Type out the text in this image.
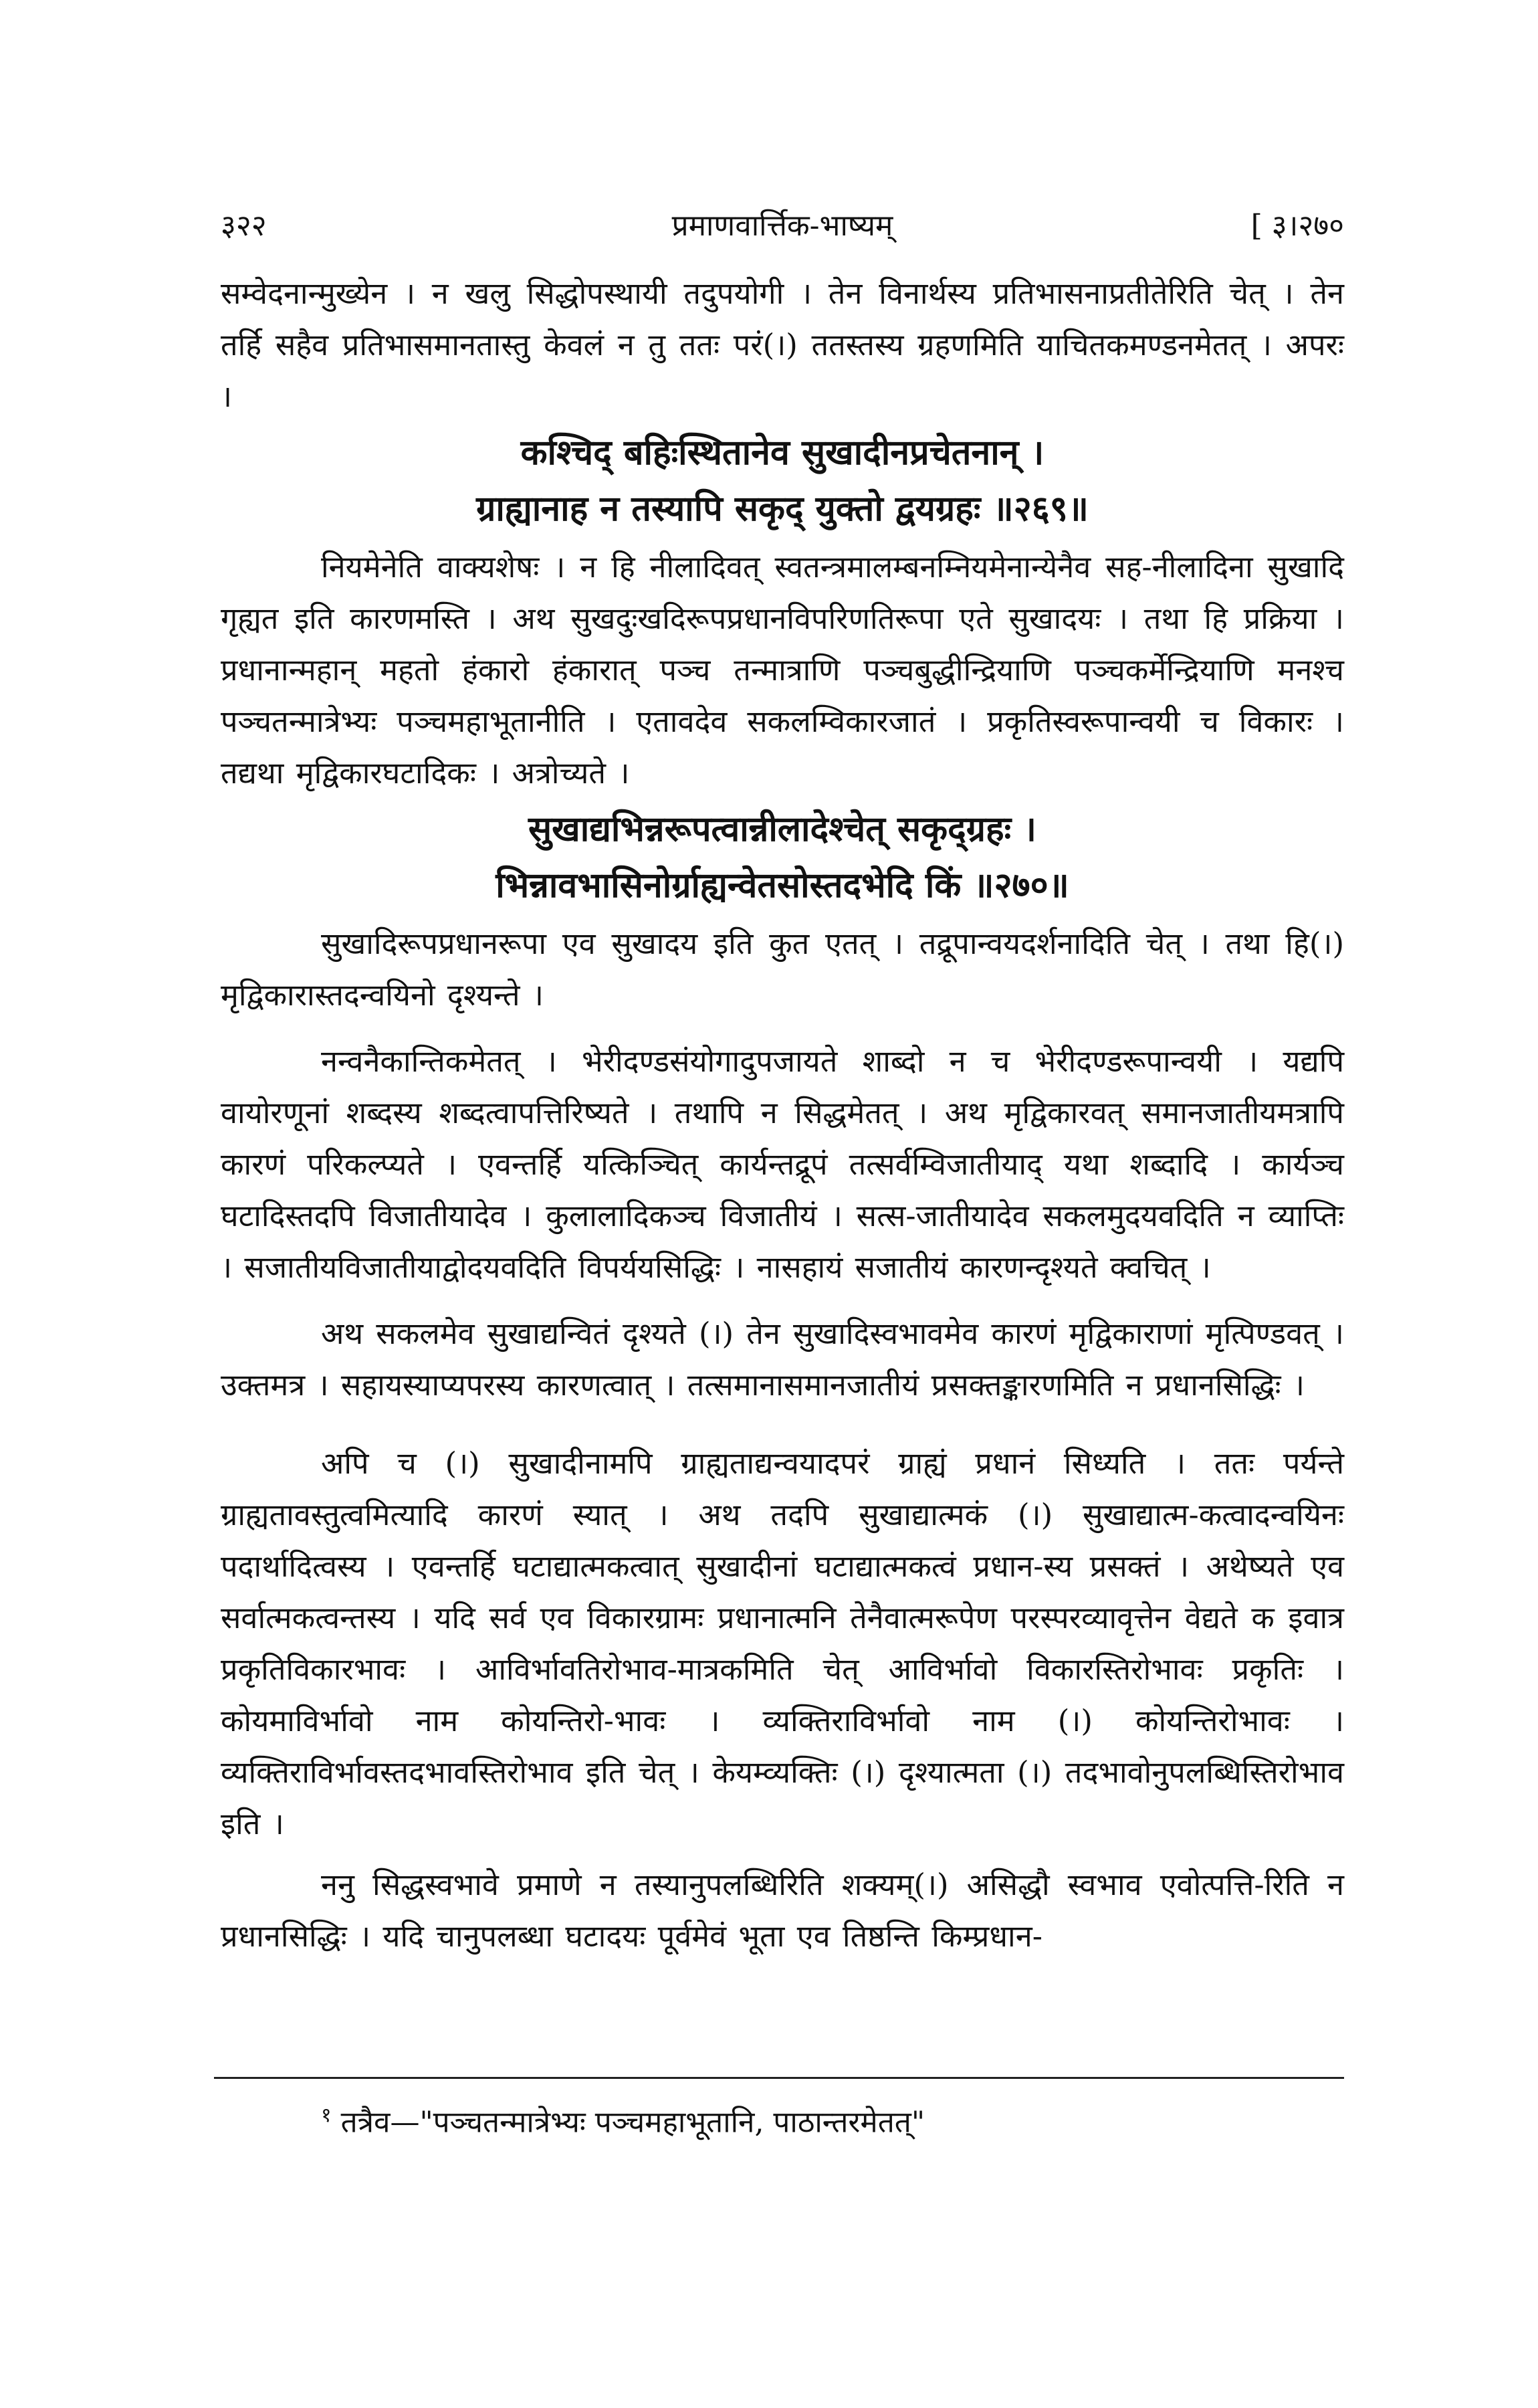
३२२	प्रमाणवार्त्तिक-भाष्यम्	[ ३।२७०

सम्वेदनान्मुख्येन । न खलु सिद्धोपस्थायी तदुपयोगी । तेन विनार्थस्य प्रतिभासनाप्रतीतेरिति चेत् । तेन तर्हि सहैव प्रतिभासमानतास्तु केवलं न तु ततः परं(।) ततस्तस्य ग्रहणमिति याचितकमण्डनमेतत् । अपरः ।

कश्चिद् बहिःस्थितानेव सुखादीनप्रचेतनान् ।
ग्राह्यानाह न तस्यापि सकृद् युक्तो द्वयग्रहः ॥२६९॥

नियमेनेति वाक्यशेषः । न हि नीलादिवत् स्वतन्त्रमालम्बनम्नियमेनान्येनैव सह-नीलादिना सुखादि गृह्यत इति कारणमस्ति । अथ सुखदुःखदिरूपप्रधानविपरिणतिरूपा एते सुखादयः । तथा हि प्रक्रिया । प्रधानान्महान् महतो हंकारो हंकारात् पञ्च तन्मात्राणि पञ्चबुद्धीन्द्रियाणि पञ्चकर्मेन्द्रियाणि मनश्च पञ्चतन्मात्रेभ्यः पञ्चमहाभूतानीति । एतावदेव सकलम्विकारजातं । प्रकृतिस्वरूपान्वयी च विकारः । तद्यथा मृद्विकारघटादिकः । अत्रोच्यते ।

सुखाद्यभिन्नरूपत्वान्नीलादेश्चेत् सकृद्ग्रहः ।
भिन्नावभासिनोर्ग्राह्यन्वेतसोस्तदभेदि किं ॥२७०॥

सुखादिरूपप्रधानरूपा एव सुखादय इति कुत एतत् । तद्रूपान्वयदर्शनादिति चेत् । तथा हि(।) मृद्विकारास्तदन्वयिनो दृश्यन्ते ।

नन्वनैकान्तिकमेतत् । भेरीदण्डसंयोगादुपजायते शाब्दो न च भेरीदण्डरूपान्वयी । यद्यपि वायोरणूनां शब्दस्य शब्दत्वापत्तिरिष्यते । तथापि न सिद्धमेतत् । अथ मृद्विकारवत् समानजातीयमत्रापि कारणं परिकल्प्यते । एवन्तर्हि यत्किञ्चित् कार्यन्तद्रूपं तत्सर्वम्विजातीयाद् यथा शब्दादि । कार्यञ्च घटादिस्तदपि विजातीयादेव । कुलालादिकञ्च विजातीयं । सत्स-जातीयादेव सकलमुदयवदिति न व्याप्तिः । सजातीयविजातीयाद्वोदयवदिति विपर्ययसिद्धिः । नासहायं सजातीयं कारणन्दृश्यते क्वचित् ।

अथ सकलमेव सुखाद्यन्वितं दृश्यते (।) तेन सुखादिस्वभावमेव कारणं मृद्विकाराणां मृत्पिण्डवत् । उक्तमत्र । सहायस्याप्यपरस्य कारणत्वात् । तत्समानासमानजातीयं प्रसक्तङ्कारणमिति न प्रधानसिद्धिः ।

अपि च (।) सुखादीनामपि ग्राह्यताद्यन्वयादपरं ग्राह्यं प्रधानं सिध्यति । ततः पर्यन्ते ग्राह्यतावस्तुत्वमित्यादि कारणं स्यात् । अथ तदपि सुखाद्यात्मकं (।) सुखाद्यात्म-कत्वादन्वयिनः पदार्थादित्वस्य । एवन्तर्हि घटाद्यात्मकत्वात् सुखादीनां घटाद्यात्मकत्वं प्रधान-स्य प्रसक्तं । अथेष्यते एव सर्वात्मकत्वन्तस्य । यदि सर्व एव विकारग्रामः प्रधानात्मनि तेनैवात्मरूपेण परस्परव्यावृत्तेन वेद्यते क इवात्र प्रकृतिविकारभावः । आविर्भावतिरोभाव-मात्रकमिति चेत् आविर्भावो विकारस्तिरोभावः प्रकृतिः । कोयमाविर्भावो नाम कोयन्तिरो-भावः । व्यक्तिराविर्भावो नाम (।) कोयन्तिरोभावः । व्यक्तिराविर्भावस्तदभावस्तिरोभाव इति चेत् । केयम्व्यक्तिः (।) दृश्यात्मता (।) तदभावोनुपलब्धिस्तिरोभाव इति ।

ननु सिद्धस्वभावे प्रमाणे न तस्यानुपलब्धिरिति शक्यम्(।) असिद्धौ स्वभाव एवोत्पत्ति-रिति न प्रधानसिद्धिः । यदि चानुपलब्धा घटादयः पूर्वमेवं भूता एव तिष्ठन्ति किम्प्रधान-

$^१$ तत्रैव—"पञ्चतन्मात्रेभ्यः पञ्चमहाभूतानि, पाठान्तरमेतत्"
